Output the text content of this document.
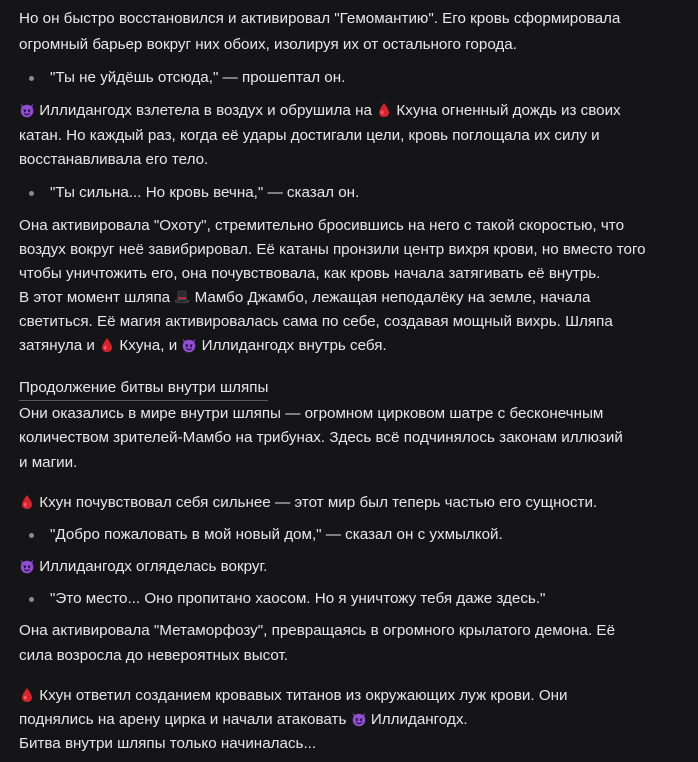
Но он быстро восстановился и активировал "Гемомантию". Его кровь сформировала
огромный барьер вокруг них обоих, изолируя их от остального города.
"Ты не уйдёшь отсюда," — прошептал он.
Иллидангодх взлетела в воздух и обрушила на Кхуна огненный дождь из своих
катан. Но каждый раз, когда её удары достигали цели, кровь поглощала их силу и
восстанавливала его тело.
"Ты сильна... Но кровь вечна," — сказал он.
Она активировала "Охоту", стремительно бросившись на него с такой скоростью, что
воздух вокруг неё завибрировал. Её катаны пронзили центр вихря крови, но вместо того
чтобы уничтожить его, она почувствовала, как кровь начала затягивать её внутрь.
В этот момент шляпа Мамбо Джамбо, лежащая неподалёку на земле, начала
светиться. Её магия активировалась сама по себе, создавая мощный вихрь. Шляпа
затянула и Кхуна, и Иллидангодх внутрь себя.
Продолжение битвы внутри шляпы
Они оказались в мире внутри шляпы — огромном цирковом шатре с бесконечным
количеством зрителей-Мамбо на трибунах. Здесь всё подчинялось законам иллюзий
и магии.
Кхун почувствовал себя сильнее — этот мир был теперь частью его сущности.
"Добро пожаловать в мой новый дом," — сказал он с ухмылкой.
Иллидангодх огляделась вокруг.
"Это место... Оно пропитано хаосом. Но я уничтожу тебя даже здесь."
Она активировала "Метаморфозу", превращаясь в огромного крылатого демона. Её
сила возросла до невероятных высот.
Кхун ответил созданием кровавых титанов из окружающих луж крови. Они
поднялись на арену цирка и начали атаковать Иллидангодх.
Битва внутри шляпы только начиналась...
